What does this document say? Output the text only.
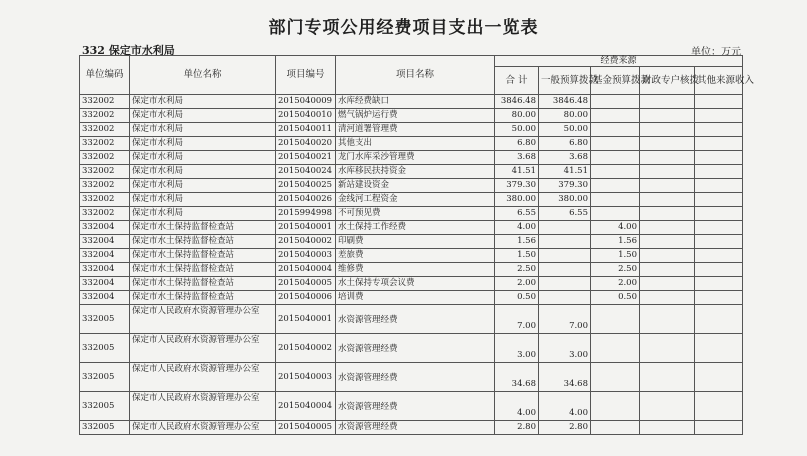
部门专项公用经费项目支出一览表
332 保定市水利局	单位：万元
单位编码	单位名称	项目编号	项目名称	经费来源				
				合 计	一般预算拨款	基金预算拨款	财政专户核拨	其他来源收入
332002	保定市水利局	2015040009	水库经费缺口	3846.48	3846.48			
332002	保定市水利局	2015040010	燃气锅炉运行费	80.00	80.00			
332002	保定市水利局	2015040011	清河道署管理费	50.00	50.00			
332002	保定市水利局	2015040020	其他支出	6.80	6.80			
332002	保定市水利局	2015040021	龙门水库采沙管理费	3.68	3.68			
332002	保定市水利局	2015040024	水库移民扶持资金	41.51	41.51			
332002	保定市水利局	2015040025	新站建设资金	379.30	379.30			
332002	保定市水利局	2015040026	金线河工程资金	380.00	380.00			
332002	保定市水利局	2015994998	不可预见费	6.55	6.55			
332004	保定市水土保持监督检查站	2015040001	水土保持工作经费	4.00		4.00		
332004	保定市水土保持监督检查站	2015040002	印刷费	1.56		1.56		
332004	保定市水土保持监督检查站	2015040003	差旅费	1.50		1.50		
332004	保定市水土保持监督检查站	2015040004	维修费	2.50		2.50		
332004	保定市水土保持监督检查站	2015040005	水土保持专项会议费	2.00		2.00		
332004	保定市水土保持监督检查站	2015040006	培训费	0.50		0.50		
332005	保定市人民政府水资源管理办公室	2015040001	水资源管理经费	7.00	7.00			
332005	保定市人民政府水资源管理办公室	2015040002	水资源管理经费	3.00	3.00			
332005	保定市人民政府水资源管理办公室	2015040003	水资源管理经费	34.68	34.68			
332005	保定市人民政府水资源管理办公室	2015040004	水资源管理经费	4.00	4.00			
332005	保定市人民政府水资源管理办公室	2015040005	水资源管理经费	2.80	2.80			
